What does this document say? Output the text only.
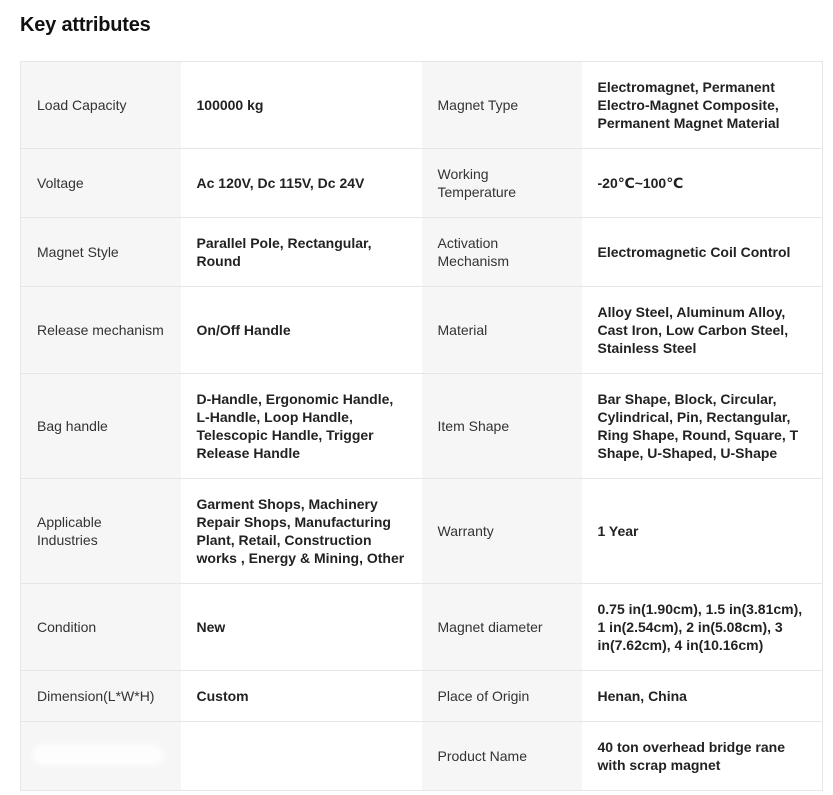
Key attributes
Load Capacity	100000 kg	Magnet Type	Electromagnet, Permanent Electro-Magnet Composite, Permanent Magnet Material
Voltage	Ac 120V, Dc 115V, Dc 24V	Working Temperature	-20℃~100℃
Magnet Style	Parallel Pole, Rectangular, Round	Activation Mechanism	Electromagnetic Coil Control
Release mechanism	On/Off Handle	Material	Alloy Steel, Aluminum Alloy, Cast Iron, Low Carbon Steel, Stainless Steel
Bag handle	D-Handle, Ergonomic Handle, L-Handle, Loop Handle, Telescopic Handle, Trigger Release Handle	Item Shape	Bar Shape, Block, Circular, Cylindrical, Pin, Rectangular, Ring Shape, Round, Square, T Shape, U-Shaped, U-Shape
Applicable Industries	Garment Shops, Machinery Repair Shops, Manufacturing Plant, Retail, Construction works , Energy & Mining, Other	Warranty	1 Year
Condition	New	Magnet diameter	0.75 in(1.90cm), 1.5 in(3.81cm), 1 in(2.54cm), 2 in(5.08cm), 3 in(7.62cm), 4 in(10.16cm)
Dimension(L*W*H)	Custom	Place of Origin	Henan, China
		Product Name	40 ton overhead bridge rane with scrap magnet
